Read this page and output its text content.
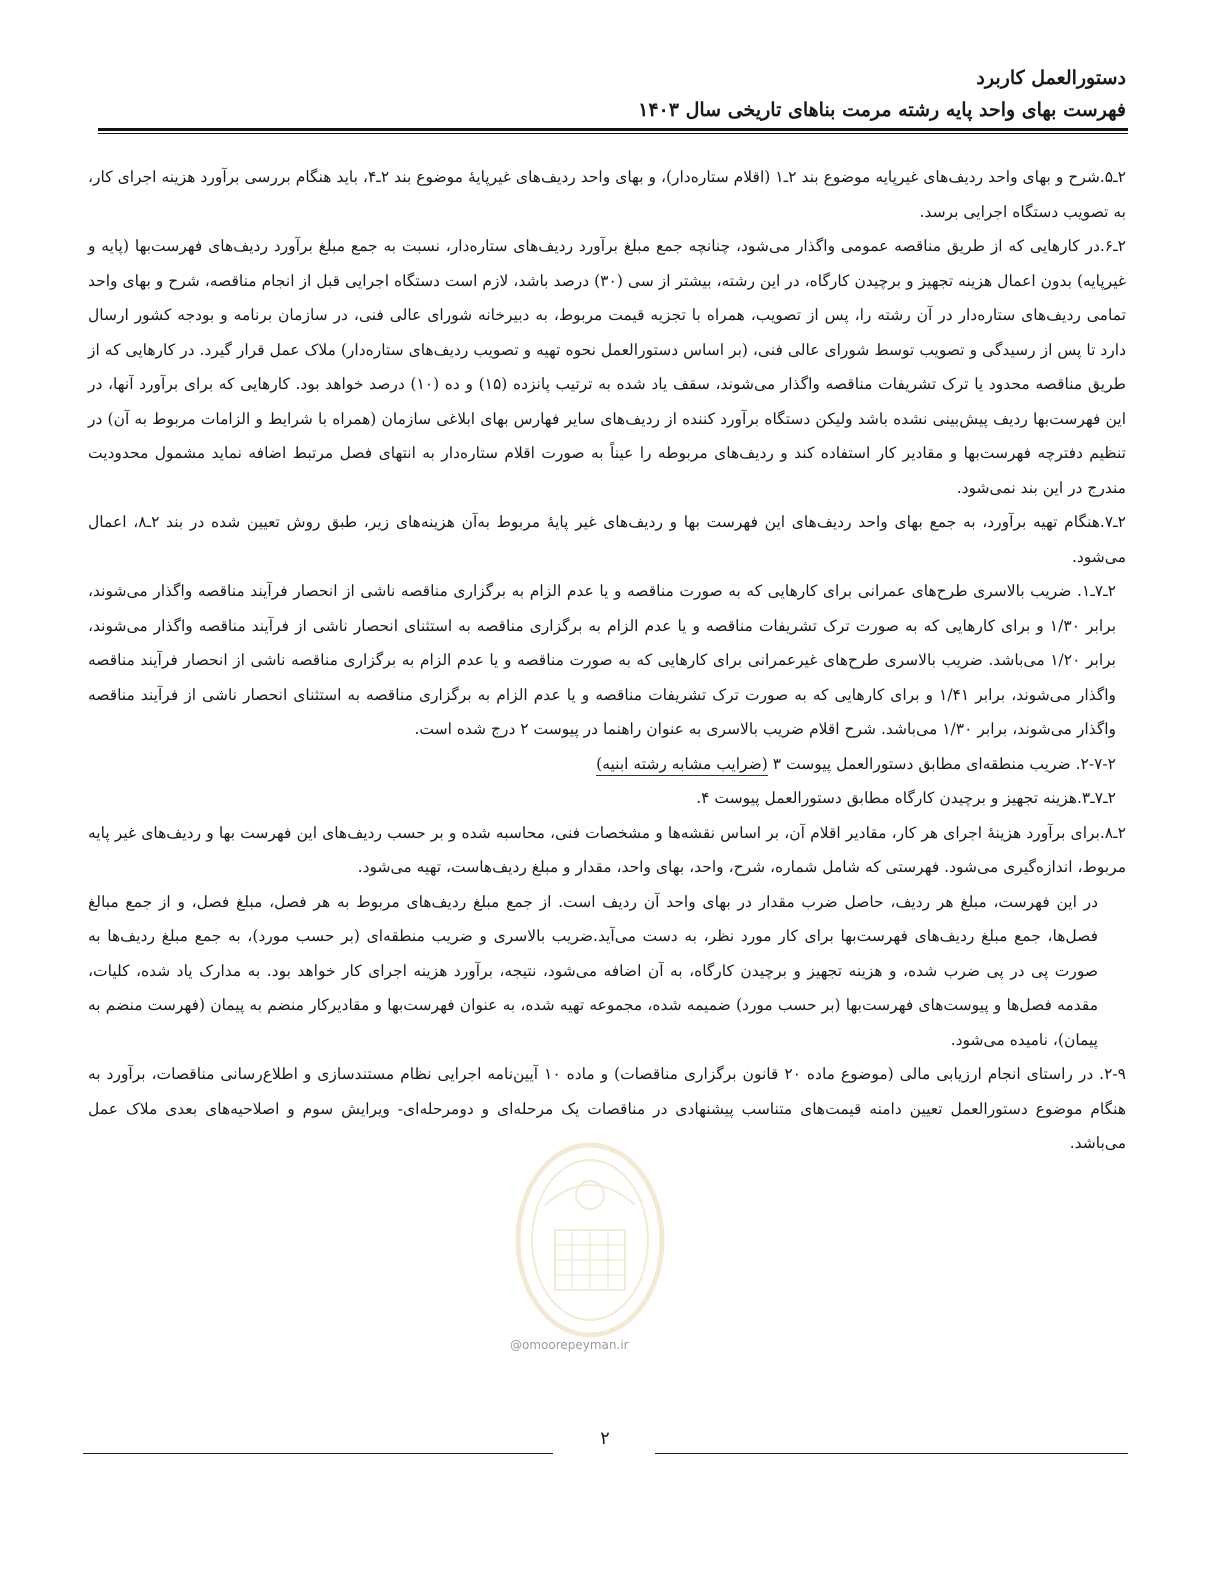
دستورالعمل کاربرد
فهرست بهای واحد پایه رشته مرمت بناهای تاریخی سال ۱۴۰۳

۲ـ۵.شرح و بهای واحد ردیف‌های غیرپایه موضوع بند ۲ـ۱ (اقلام ستاره‌دار)، و بهای واحد ردیف‌های غیرپایۀ موضوع بند ۲ـ۴، باید هنگام بررسی برآورد هزینه اجرای کار، به تصویب دستگاه اجرایی برسد.

۲ـ۶.در کارهایی که از طریق مناقصه عمومی واگذار می‌شود، چنانچه جمع مبلغ برآورد ردیف‌های ستاره‌دار، نسبت به جمع مبلغ برآورد ردیف‌های فهرست‌بها (پایه و غیرپایه) بدون اعمال هزینه تجهیز و برچیدن کارگاه، در این رشته، بیشتر از سی (۳۰) درصد باشد، لازم است دستگاه اجرایی قبل از انجام مناقصه، شرح و بهای واحد تمامی ردیف‌های ستاره‌دار در آن رشته را، پس از تصویب، همراه با تجزیه قیمت مربوط، به دبیرخانه شورای عالی فنی، در سازمان برنامه و بودجه کشور ارسال دارد تا پس از رسیدگی و تصویب توسط شورای عالی فنی، (بر اساس دستورالعمل نحوه تهیه و تصویب ردیف‌های ستاره‌دار) ملاک عمل قرار گیرد. در کارهایی که از طریق مناقصه محدود یا ترک تشریفات مناقصه واگذار می‌شوند، سقف یاد شده به ترتیب پانزده (۱۵) و ده (۱۰) درصد خواهد بود. کارهایی که برای برآورد آنها، در این فهرست‌بها ردیف پیش‌بینی نشده باشد ولیکن دستگاه برآورد کننده از ردیف‌های سایر فهارس بهای ابلاغی سازمان (همراه با شرایط و الزامات مربوط به آن) در تنظیم دفترچه فهرست‌بها و مقادیر کار استفاده کند و ردیف‌های مربوطه را عیناً به صورت اقلام ستاره‌دار به انتهای فصل مرتبط اضافه نماید مشمول محدودیت مندرج در این بند نمی‌شود.

۲ـ۷.هنگام تهیه برآورد، به جمع بهای واحد ردیف‌های این فهرست بها و ردیف‌های غیر پایۀ مربوط به‌آن هزینه‌های زیر، طبق روش تعیین شده در بند ۲ـ۸، اعمال می‌شود.

۲ـ۷ـ۱. ضریب بالاسری طرح‌های عمرانی برای کارهایی که به صورت مناقصه و یا عدم الزام به برگزاری مناقصه ناشی از انحصار فرآیند مناقصه واگذار می‌شوند، برابر ۱/۳۰ و برای کارهایی که به صورت ترک تشریفات مناقصه و یا عدم الزام به برگزاری مناقصه به استثنای انحصار ناشی از فرآیند مناقصه واگذار می‌شوند، برابر ۱/۲۰ می‌باشد. ضریب بالاسری طرح‌های غیرعمرانی برای کارهایی که به صورت مناقصه و یا عدم الزام به برگزاری مناقصه ناشی از انحصار فرآیند مناقصه واگذار می‌شوند، برابر ۱/۴۱ و برای کارهایی که به صورت ترک تشریفات مناقصه و یا عدم الزام به برگزاری مناقصه به استثنای انحصار ناشی از فرآیند مناقصه واگذار می‌شوند، برابر ۱/۳۰ می‌باشد. شرح اقلام ضریب بالاسری به عنوان راهنما در پیوست ۲ درج شده است.

۲-۷-۲. ضریب منطقه‌ای مطابق دستورالعمل پیوست ۳ (ضرایب مشابه رشته ابنیه)

۲ـ۷ـ۳.هزینه تجهیز و برچیدن کارگاه مطابق دستورالعمل پیوست ۴.

۲ـ۸.برای برآورد هزینۀ اجرای هر کار، مقادیر اقلام آن، بر اساس نقشه‌ها و مشخصات فنی، محاسبه شده و بر حسب ردیف‌های این فهرست بها و ردیف‌های غیر پایه مربوط، اندازه‌گیری می‌شود. فهرستی که شامل شماره، شرح، واحد، بهای واحد، مقدار و مبلغ ردیف‌هاست، تهیه می‌شود.

در این فهرست، مبلغ هر ردیف، حاصل ضرب مقدار در بهای واحد آن ردیف است. از جمع مبلغ ردیف‌های مربوط به هر فصل، مبلغ فصل، و از جمع مبالغ فصل‌ها، جمع مبلغ ردیف‌های فهرست‌بها برای کار مورد نظر، به دست می‌آید.ضریب بالاسری و ضریب منطقه‌ای (بر حسب مورد)، به جمع مبلغ ردیف‌ها به صورت پی در پی ضرب شده، و هزینه تجهیز و برچیدن کارگاه، به آن اضافه می‌شود، نتیجه، برآورد هزینه اجرای کار خواهد بود. به مدارک یاد شده، کلیات، مقدمه فصل‌ها و پیوست‌های فهرست‌بها (بر حسب مورد) ضمیمه شده، مجموعه تهیه شده، به عنوان فهرست‌بها و مقادیرکار منضم به پیمان (فهرست منضم به پیمان)، نامیده می‌شود.

۲-۹. در راستای انجام ارزیابی مالی (موضوع ماده ۲۰ قانون برگزاری مناقصات) و ماده ۱۰ آیین‌نامه اجرایی نظام مستندسازی و اطلاع‌رسانی مناقصات، برآورد به هنگام موضوع دستورالعمل تعیین دامنه قیمت‌های متناسب پیشنهادی در مناقصات یک مرحله‌ای و دومرحله‌ای- ویرایش سوم و اصلاحیه‌های بعدی ملاک عمل می‌باشد.

@omoorepeyman.ir
۲
